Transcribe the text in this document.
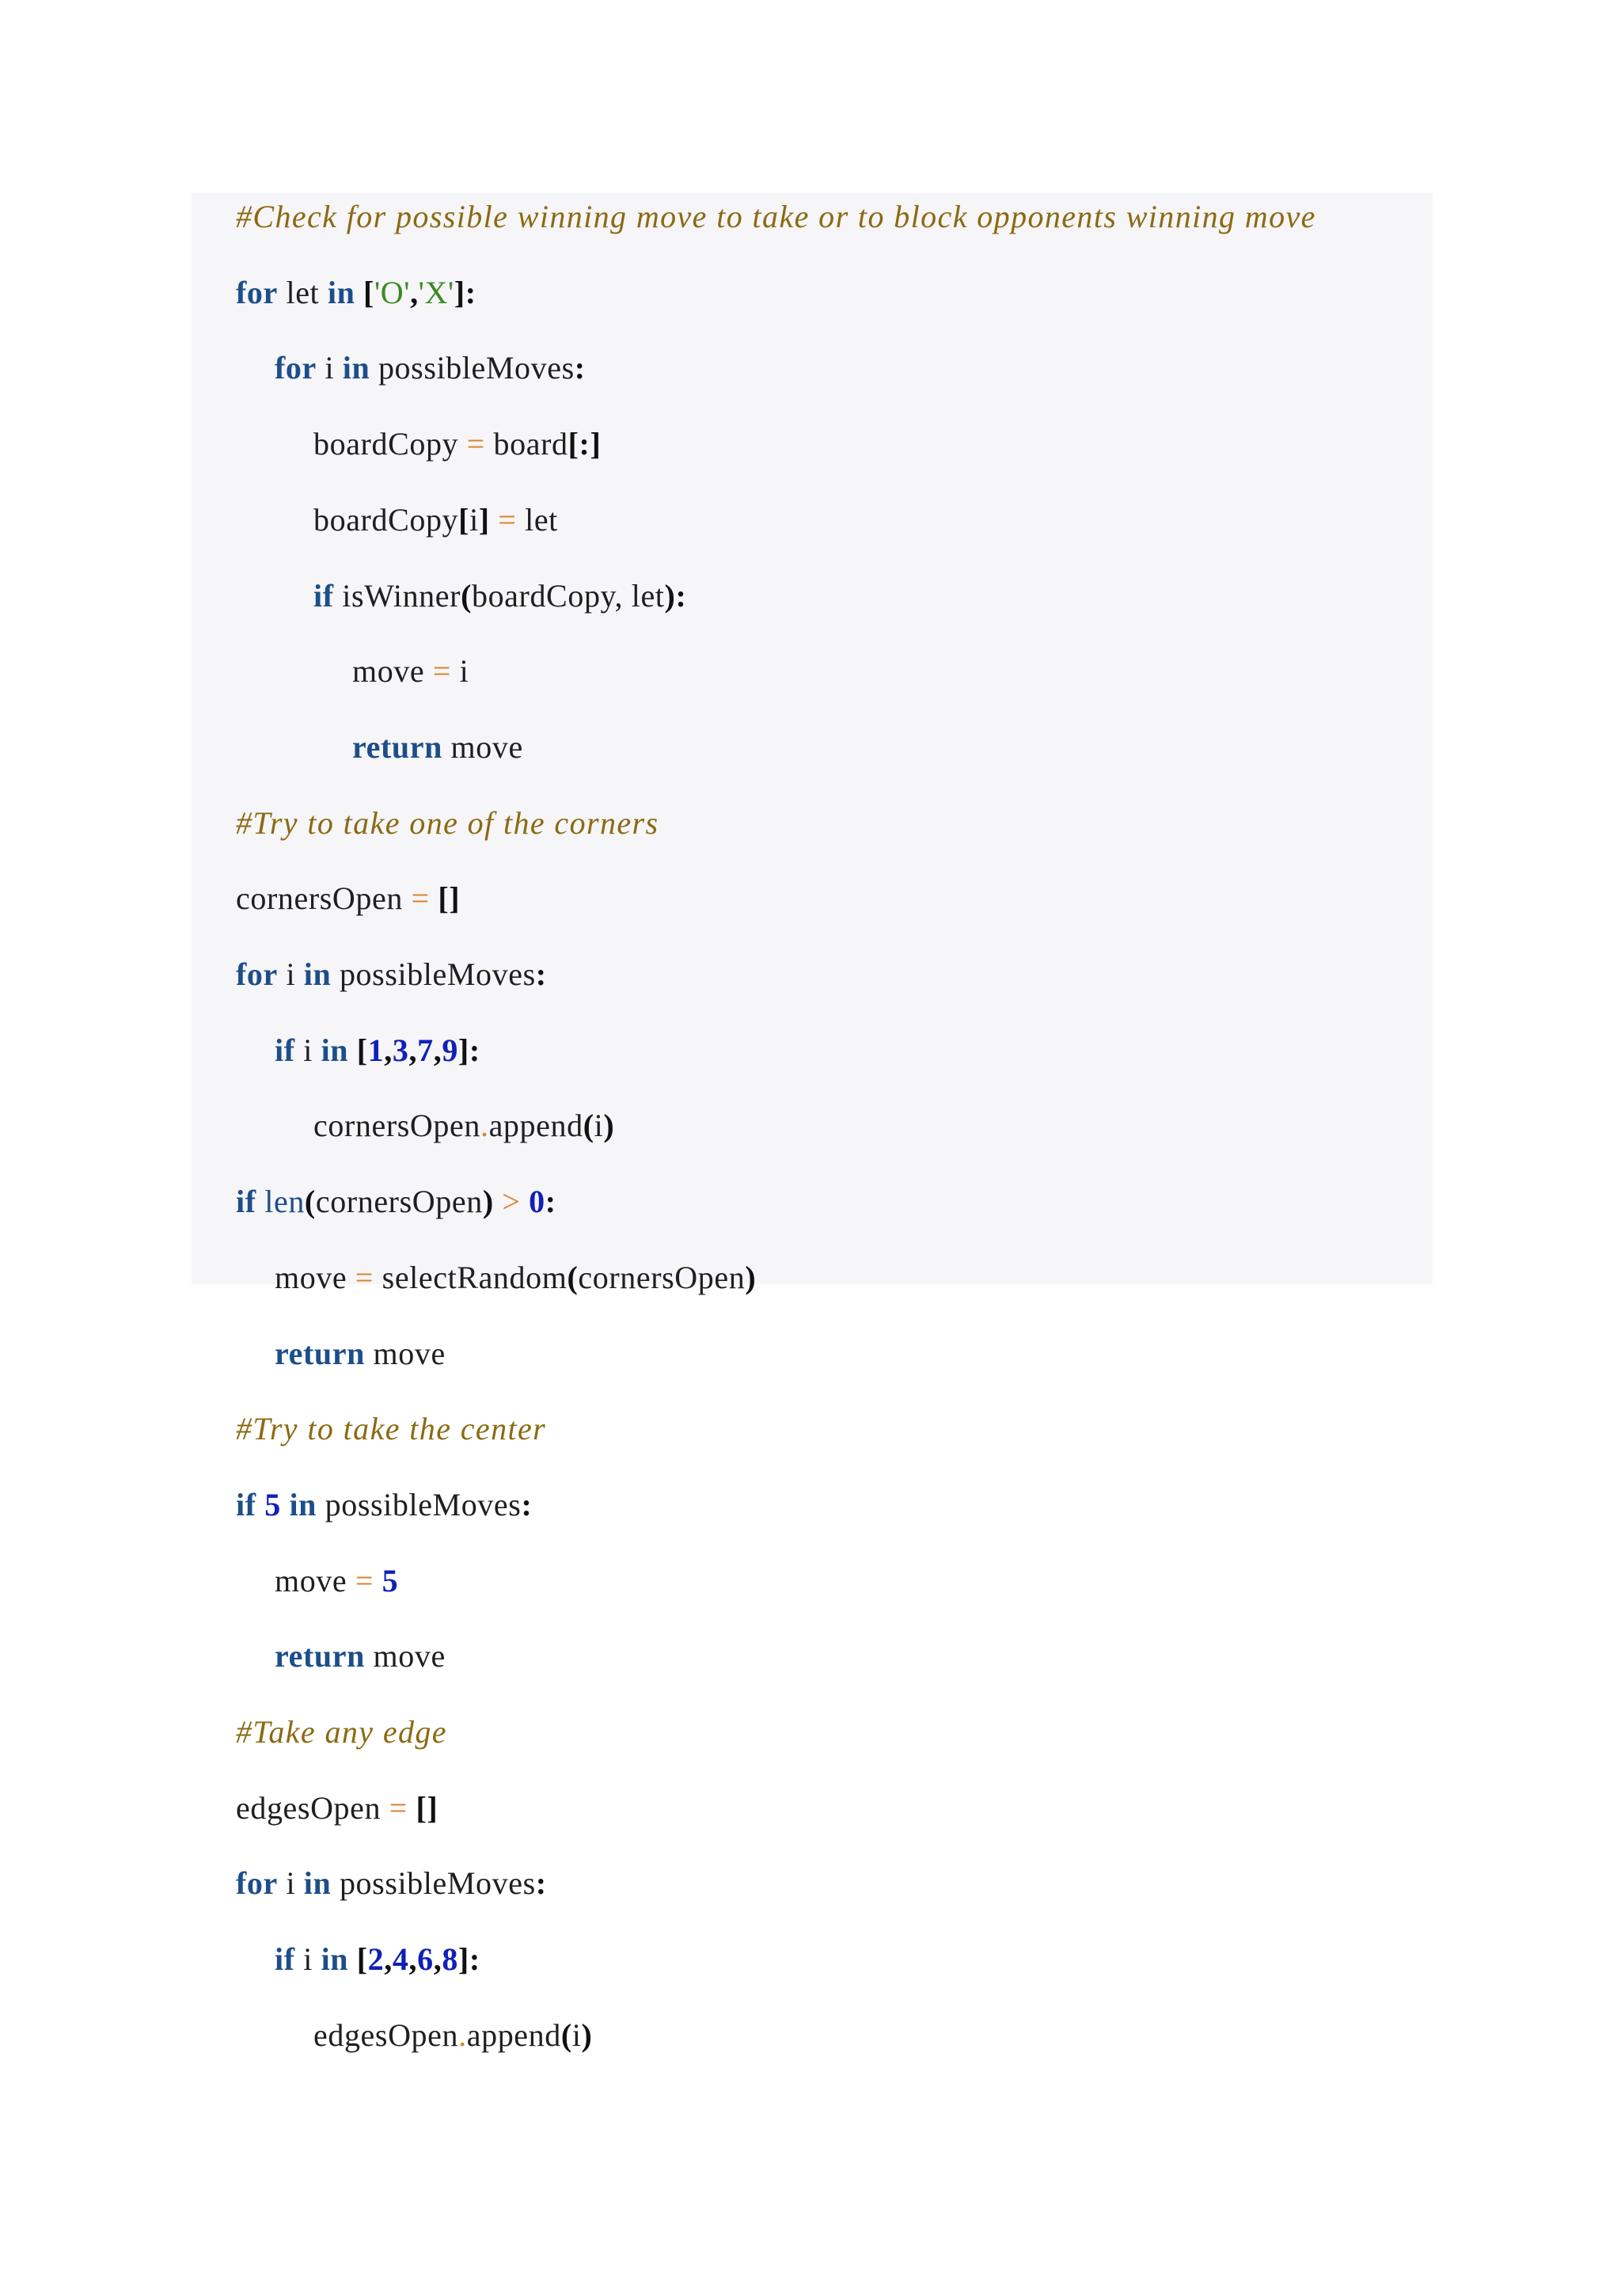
#Check for possible winning move to take or to block opponents winning move
for let in ['O','X']:
for i in possibleMoves:
boardCopy = board[:]
boardCopy[i] = let
if isWinner(boardCopy, let):
move = i
return move
#Try to take one of the corners
cornersOpen = []
for i in possibleMoves:
if i in [1,3,7,9]:
cornersOpen.append(i)
if len(cornersOpen) > 0:
move = selectRandom(cornersOpen)
return move
#Try to take the center
if 5 in possibleMoves:
move = 5
return move
#Take any edge
edgesOpen = []
for i in possibleMoves:
if i in [2,4,6,8]:
edgesOpen.append(i)
